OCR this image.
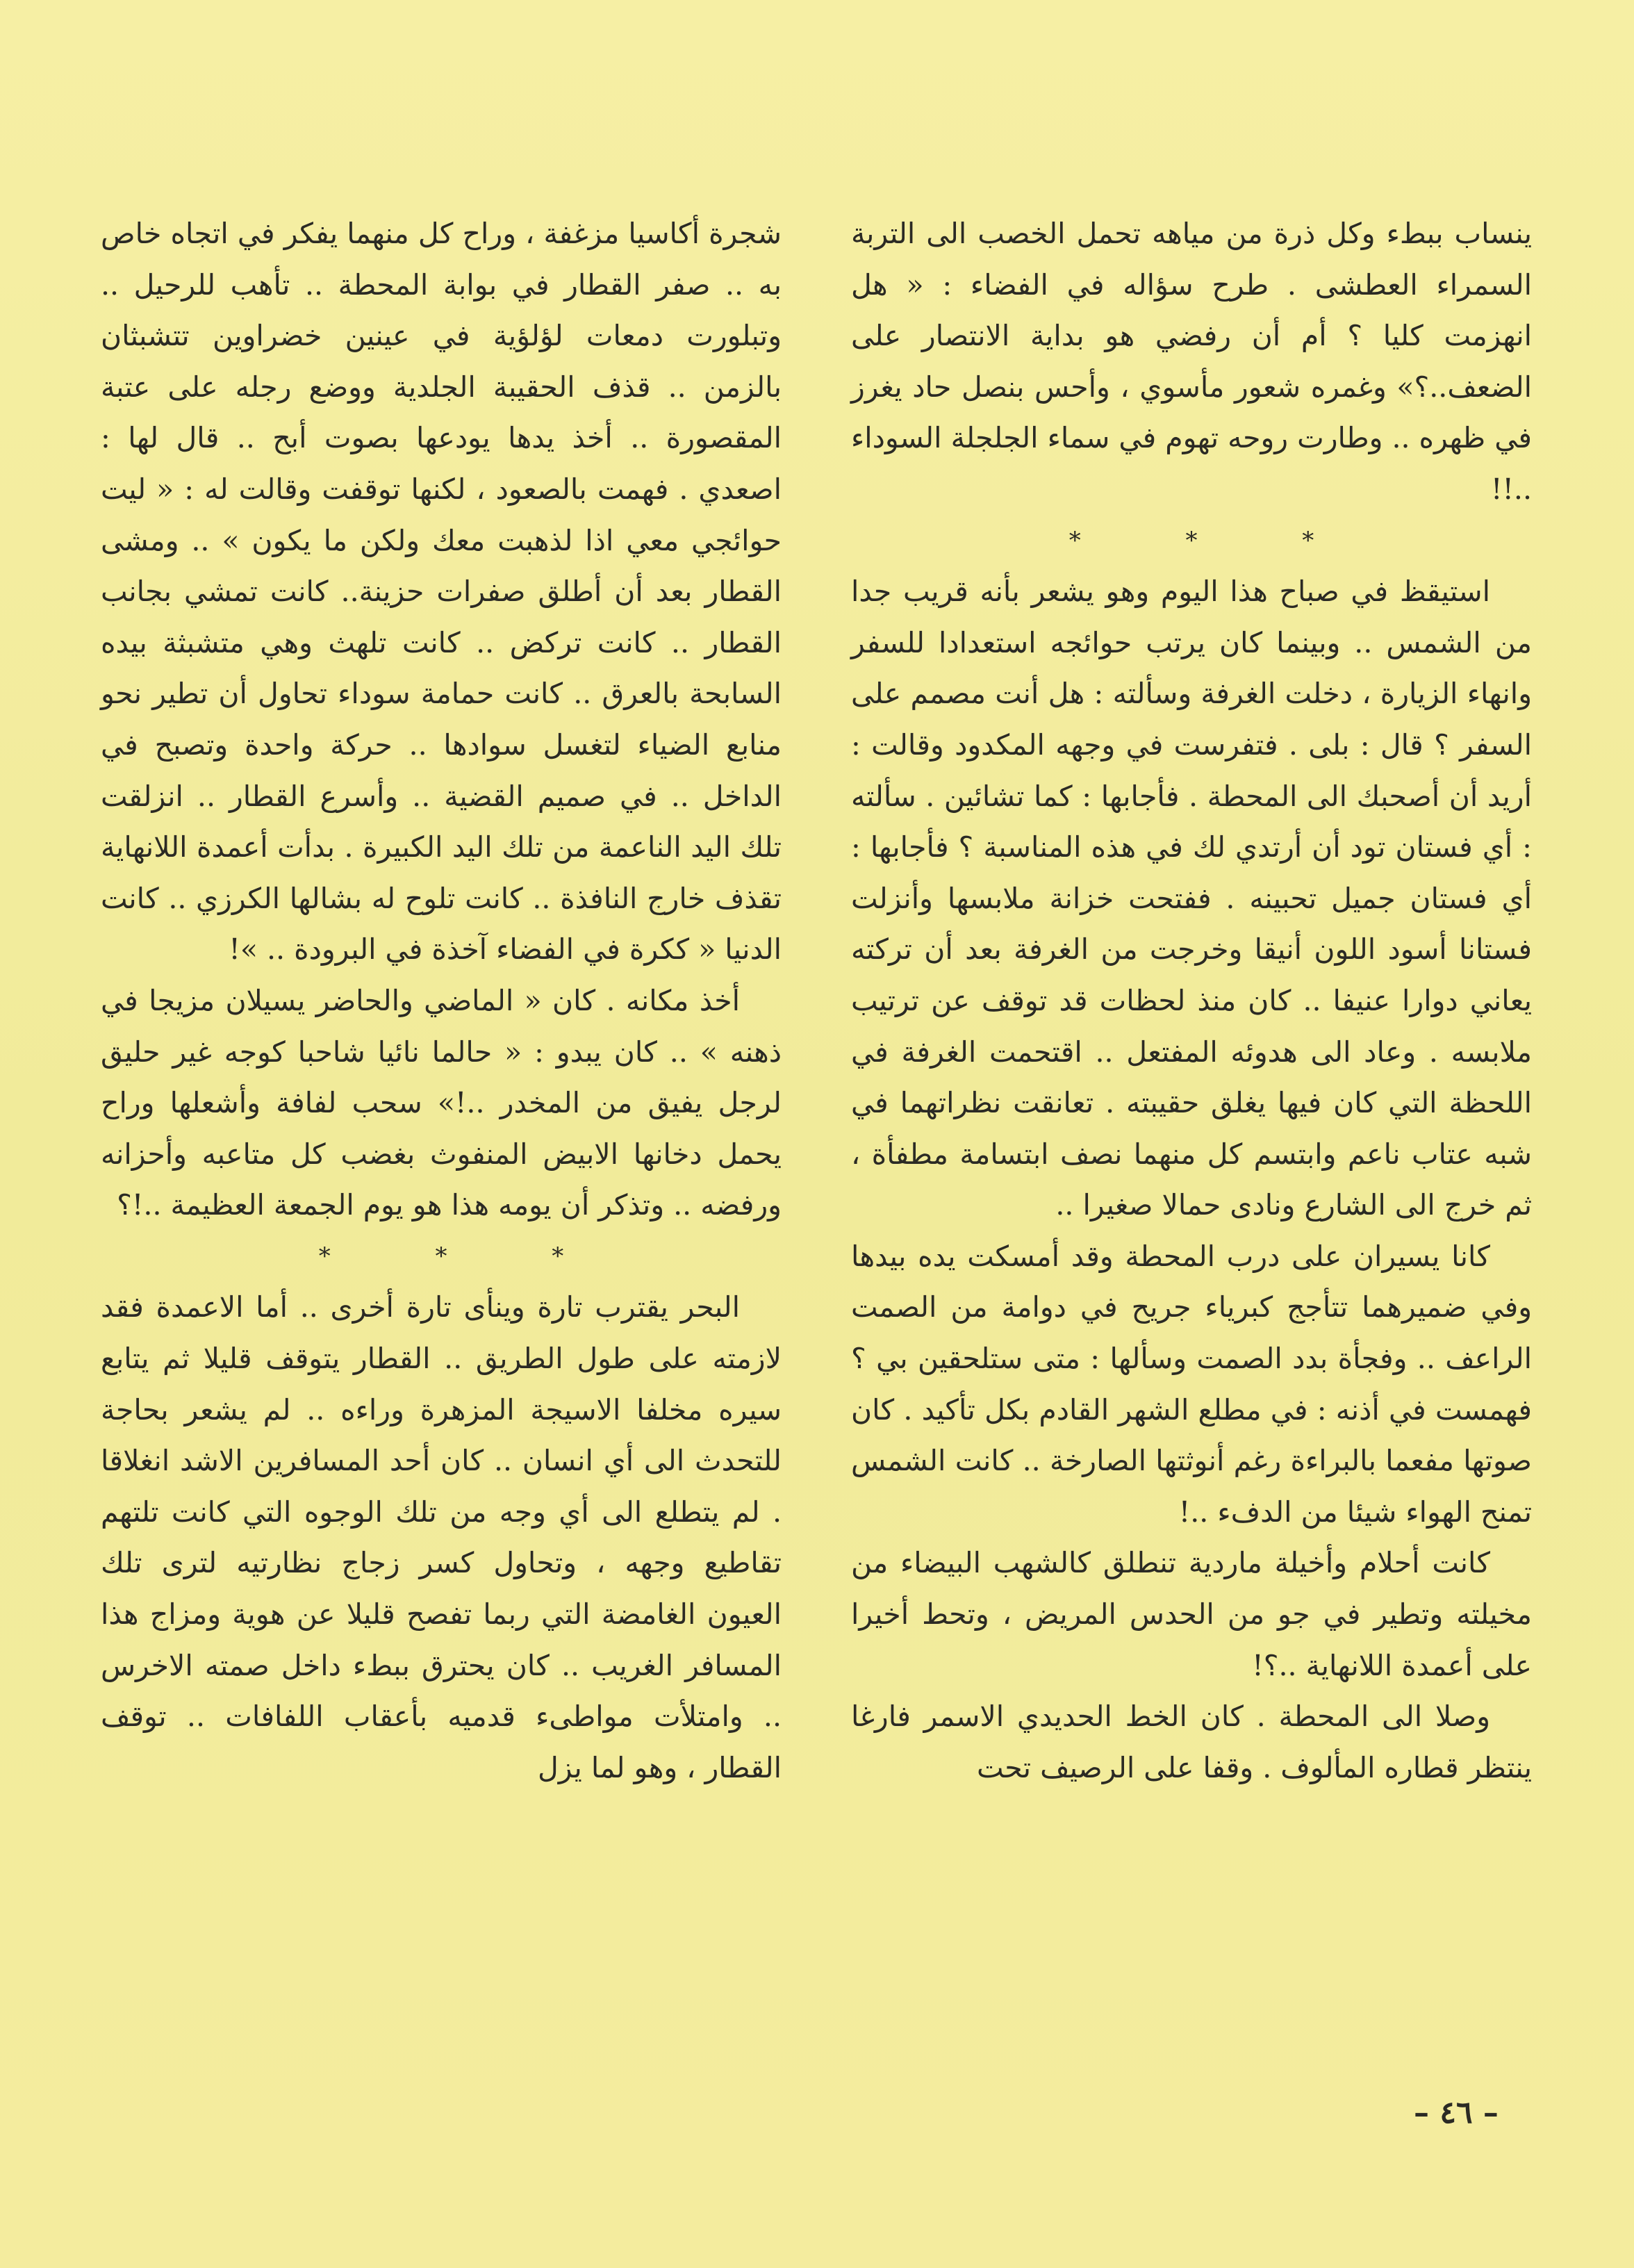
ينساب ببطء وكل ذرة من مياهه تحمل الخصب الى التربة السمراء العطشى . طرح سؤاله في الفضاء : « هل انهزمت كليا ؟ أم أن رفضي هو بداية الانتصار على الضعف..؟» وغمره شعور مأسوي ، وأحس بنصل حاد يغرز في ظهره .. وطارت روحه تهوم في سماء الجلجلة السوداء ..!!

* * *

استيقظ في صباح هذا اليوم وهو يشعر بأنه قريب جدا من الشمس .. وبينما كان يرتب حوائجه استعدادا للسفر وانهاء الزيارة ، دخلت الغرفة وسألته : هل أنت مصمم على السفر ؟ قال : بلى . فتفرست في وجهه المكدود وقالت : أريد أن أصحبك الى المحطة . فأجابها : كما تشائين . سألته : أي فستان تود أن أرتدي لك في هذه المناسبة ؟ فأجابها : أي فستان جميل تحبينه . ففتحت خزانة ملابسها وأنزلت فستانا أسود اللون أنيقا وخرجت من الغرفة بعد أن تركته يعاني دوارا عنيفا .. كان منذ لحظات قد توقف عن ترتيب ملابسه . وعاد الى هدوئه المفتعل .. اقتحمت الغرفة في اللحظة التي كان فيها يغلق حقيبته . تعانقت نظراتهما في شبه عتاب ناعم وابتسم كل منهما نصف ابتسامة مطفأة ، ثم خرج الى الشارع ونادى حمالا صغيرا ..

كانا يسيران على درب المحطة وقد أمسكت يده بيدها وفي ضميرهما تتأجج كبرياء جريح في دوامة من الصمت الراعف .. وفجأة بدد الصمت وسألها : متى ستلحقين بي ؟ فهمست في أذنه : في مطلع الشهر القادم بكل تأكيد . كان صوتها مفعما بالبراءة رغم أنوثتها الصارخة .. كانت الشمس تمنح الهواء شيئا من الدفء ..!

كانت أحلام وأخيلة ماردية تنطلق كالشهب البيضاء من مخيلته وتطير في جو من الحدس المريض ، وتحط أخيرا على أعمدة اللانهاية ..؟!

وصلا الى المحطة . كان الخط الحديدي الاسمر فارغا ينتظر قطاره المألوف . وقفا على الرصيف تحت

شجرة أكاسيا مزغفة ، وراح كل منهما يفكر في اتجاه خاص به .. صفر القطار في بوابة المحطة .. تأهب للرحيل .. وتبلورت دمعات لؤلؤية في عينين خضراوين تتشبثان بالزمن .. قذف الحقيبة الجلدية ووضع رجله على عتبة المقصورة .. أخذ يدها يودعها بصوت أبح .. قال لها : اصعدي . فهمت بالصعود ، لكنها توقفت وقالت له : « ليت حوائجي معي اذا لذهبت معك ولكن ما يكون » .. ومشى القطار بعد أن أطلق صفرات حزينة.. كانت تمشي بجانب القطار .. كانت تركض .. كانت تلهث وهي متشبثة بيده السابحة بالعرق .. كانت حمامة سوداء تحاول أن تطير نحو منابع الضياء لتغسل سوادها .. حركة واحدة وتصبح في الداخل .. في صميم القضية .. وأسرع القطار .. انزلقت تلك اليد الناعمة من تلك اليد الكبيرة . بدأت أعمدة اللانهاية تقذف خارج النافذة .. كانت تلوح له بشالها الكرزي .. كانت الدنيا « ككرة في الفضاء آخذة في البرودة .. »!

أخذ مكانه . كان « الماضي والحاضر يسيلان مزيجا في ذهنه » .. كان يبدو : « حالما نائيا شاحبا كوجه غير حليق لرجل يفيق من المخدر ..!» سحب لفافة وأشعلها وراح يحمل دخانها الابيض المنفوث بغضب كل متاعبه وأحزانه ورفضه .. وتذكر أن يومه هذا هو يوم الجمعة العظيمة ..!؟

* * *

البحر يقترب تارة وينأى تارة أخرى .. أما الاعمدة فقد لازمته على طول الطريق .. القطار يتوقف قليلا ثم يتابع سيره مخلفا الاسيجة المزهرة وراءه .. لم يشعر بحاجة للتحدث الى أي انسان .. كان أحد المسافرين الاشد انغلاقا . لم يتطلع الى أي وجه من تلك الوجوه التي كانت تلتهم تقاطيع وجهه ، وتحاول كسر زجاج نظارتيه لترى تلك العيون الغامضة التي ربما تفصح قليلا عن هوية ومزاج هذا المسافر الغريب .. كان يحترق ببطء داخل صمته الاخرس .. وامتلأت مواطىء قدميه بأعقاب اللفافات .. توقف القطار ، وهو لما يزل

– ٤٦ –
